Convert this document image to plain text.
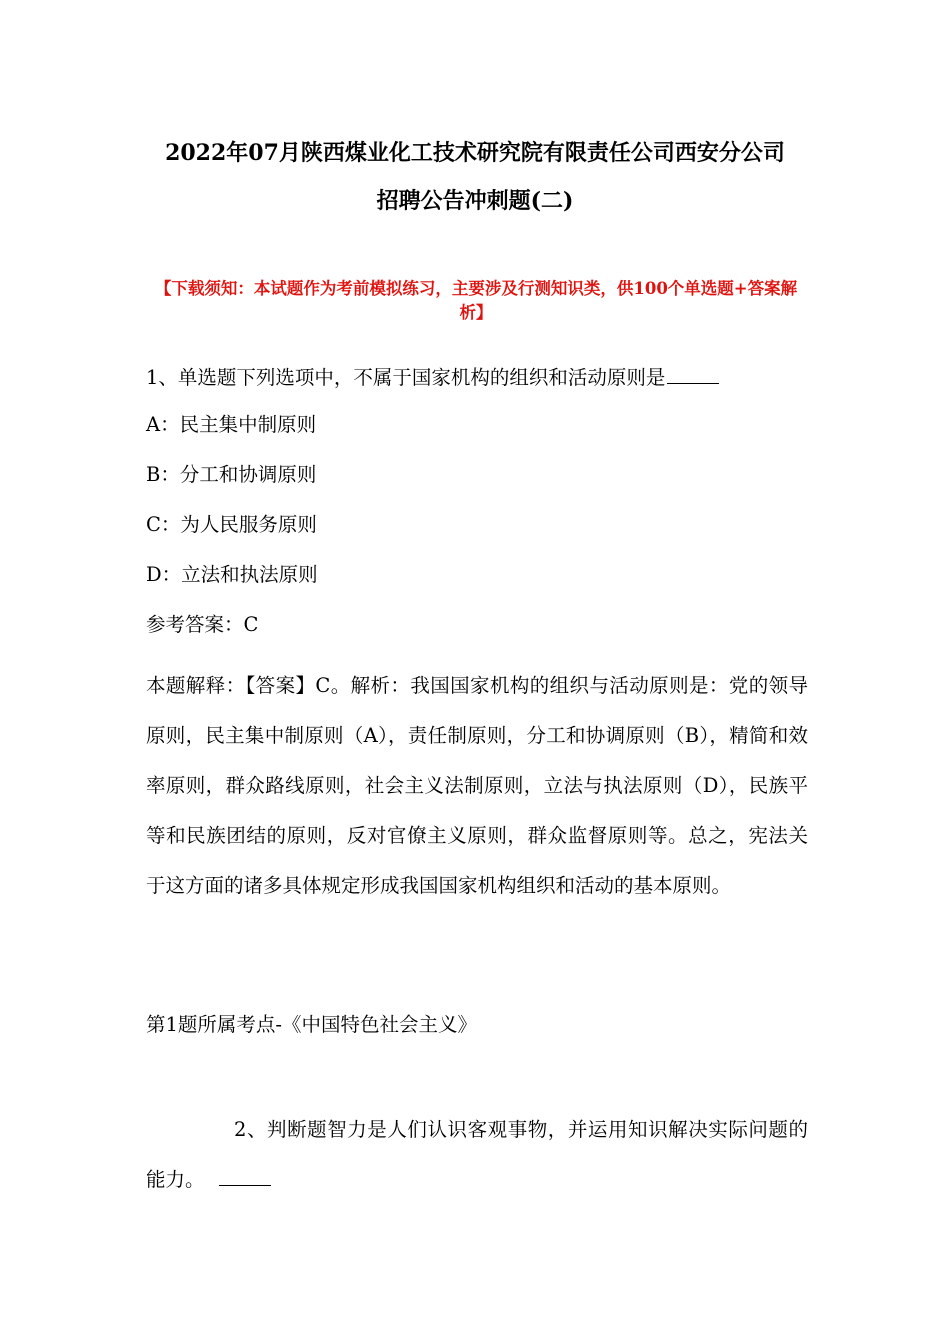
2022年07月陕西煤业化工技术研究院有限责任公司西安分公司
招聘公告冲刺题(二)

【下载须知：本试题作为考前模拟练习，主要涉及行测知识类，供100个单选题+答案解析】

1、单选题下列选项中，不属于国家机构的组织和活动原则是

A：民主集中制原则

B：分工和协调原则

C：为人民服务原则

D：立法和执法原则

参考答案：C

本题解释：【答案】C。解析：我国国家机构的组织与活动原则是：党的领导原则，民主集中制原则（A），责任制原则，分工和协调原则（B），精简和效率原则，群众路线原则，社会主义法制原则，立法与执法原则（D），民族平等和民族团结的原则，反对官僚主义原则，群众监督原则等。总之，宪法关于这方面的诸多具体规定形成我国国家机构组织和活动的基本原则。

第1题所属考点-《中国特色社会主义》

2、判断题智力是人们认识客观事物，并运用知识解决实际问题的能力。
